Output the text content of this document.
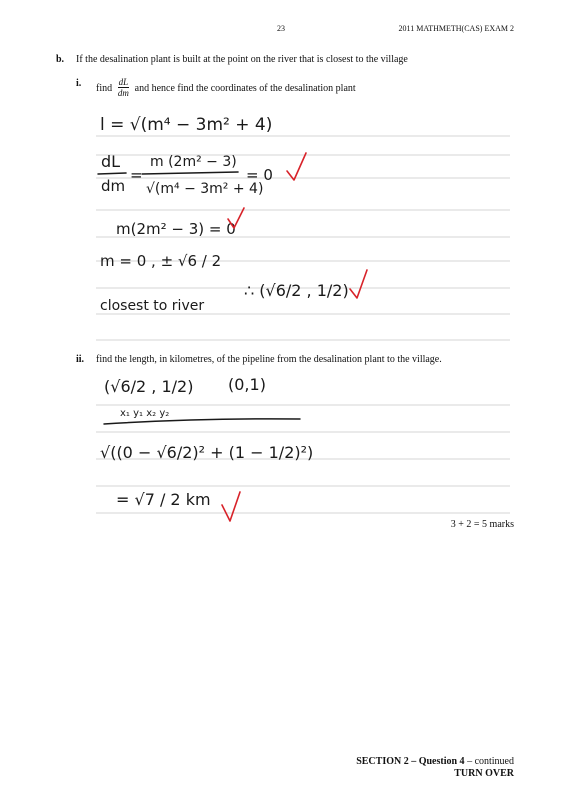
23	2011 MATHMETH(CAS) EXAM 2
b. If the desalination plant is built at the point on the river that is closest to the village
i. find $\frac{dL}{dm}$ and hence find the coordinates of the desalination plant
ii. find the length, in kilometres, of the pipeline from the desalination plant to the village.
l = √(m⁴ − 3m² + 4)
dL
dm
=
m (2m² − 3)
√(m⁴ − 3m² + 4)
= 0
m(2m² − 3) = 0
m = 0 , ± √6 / 2
closest to river
∴ (√6/2 , 1/2)
(√6/2 , 1/2) (0,1)
x₁ y₁ x₂ y₂
√((0 − √6/2)² + (1 − 1/2)²)
= √7 / 2 km
3 + 2 = 5 marks
SECTION 2 – Question 4 – continued
TURN OVER
